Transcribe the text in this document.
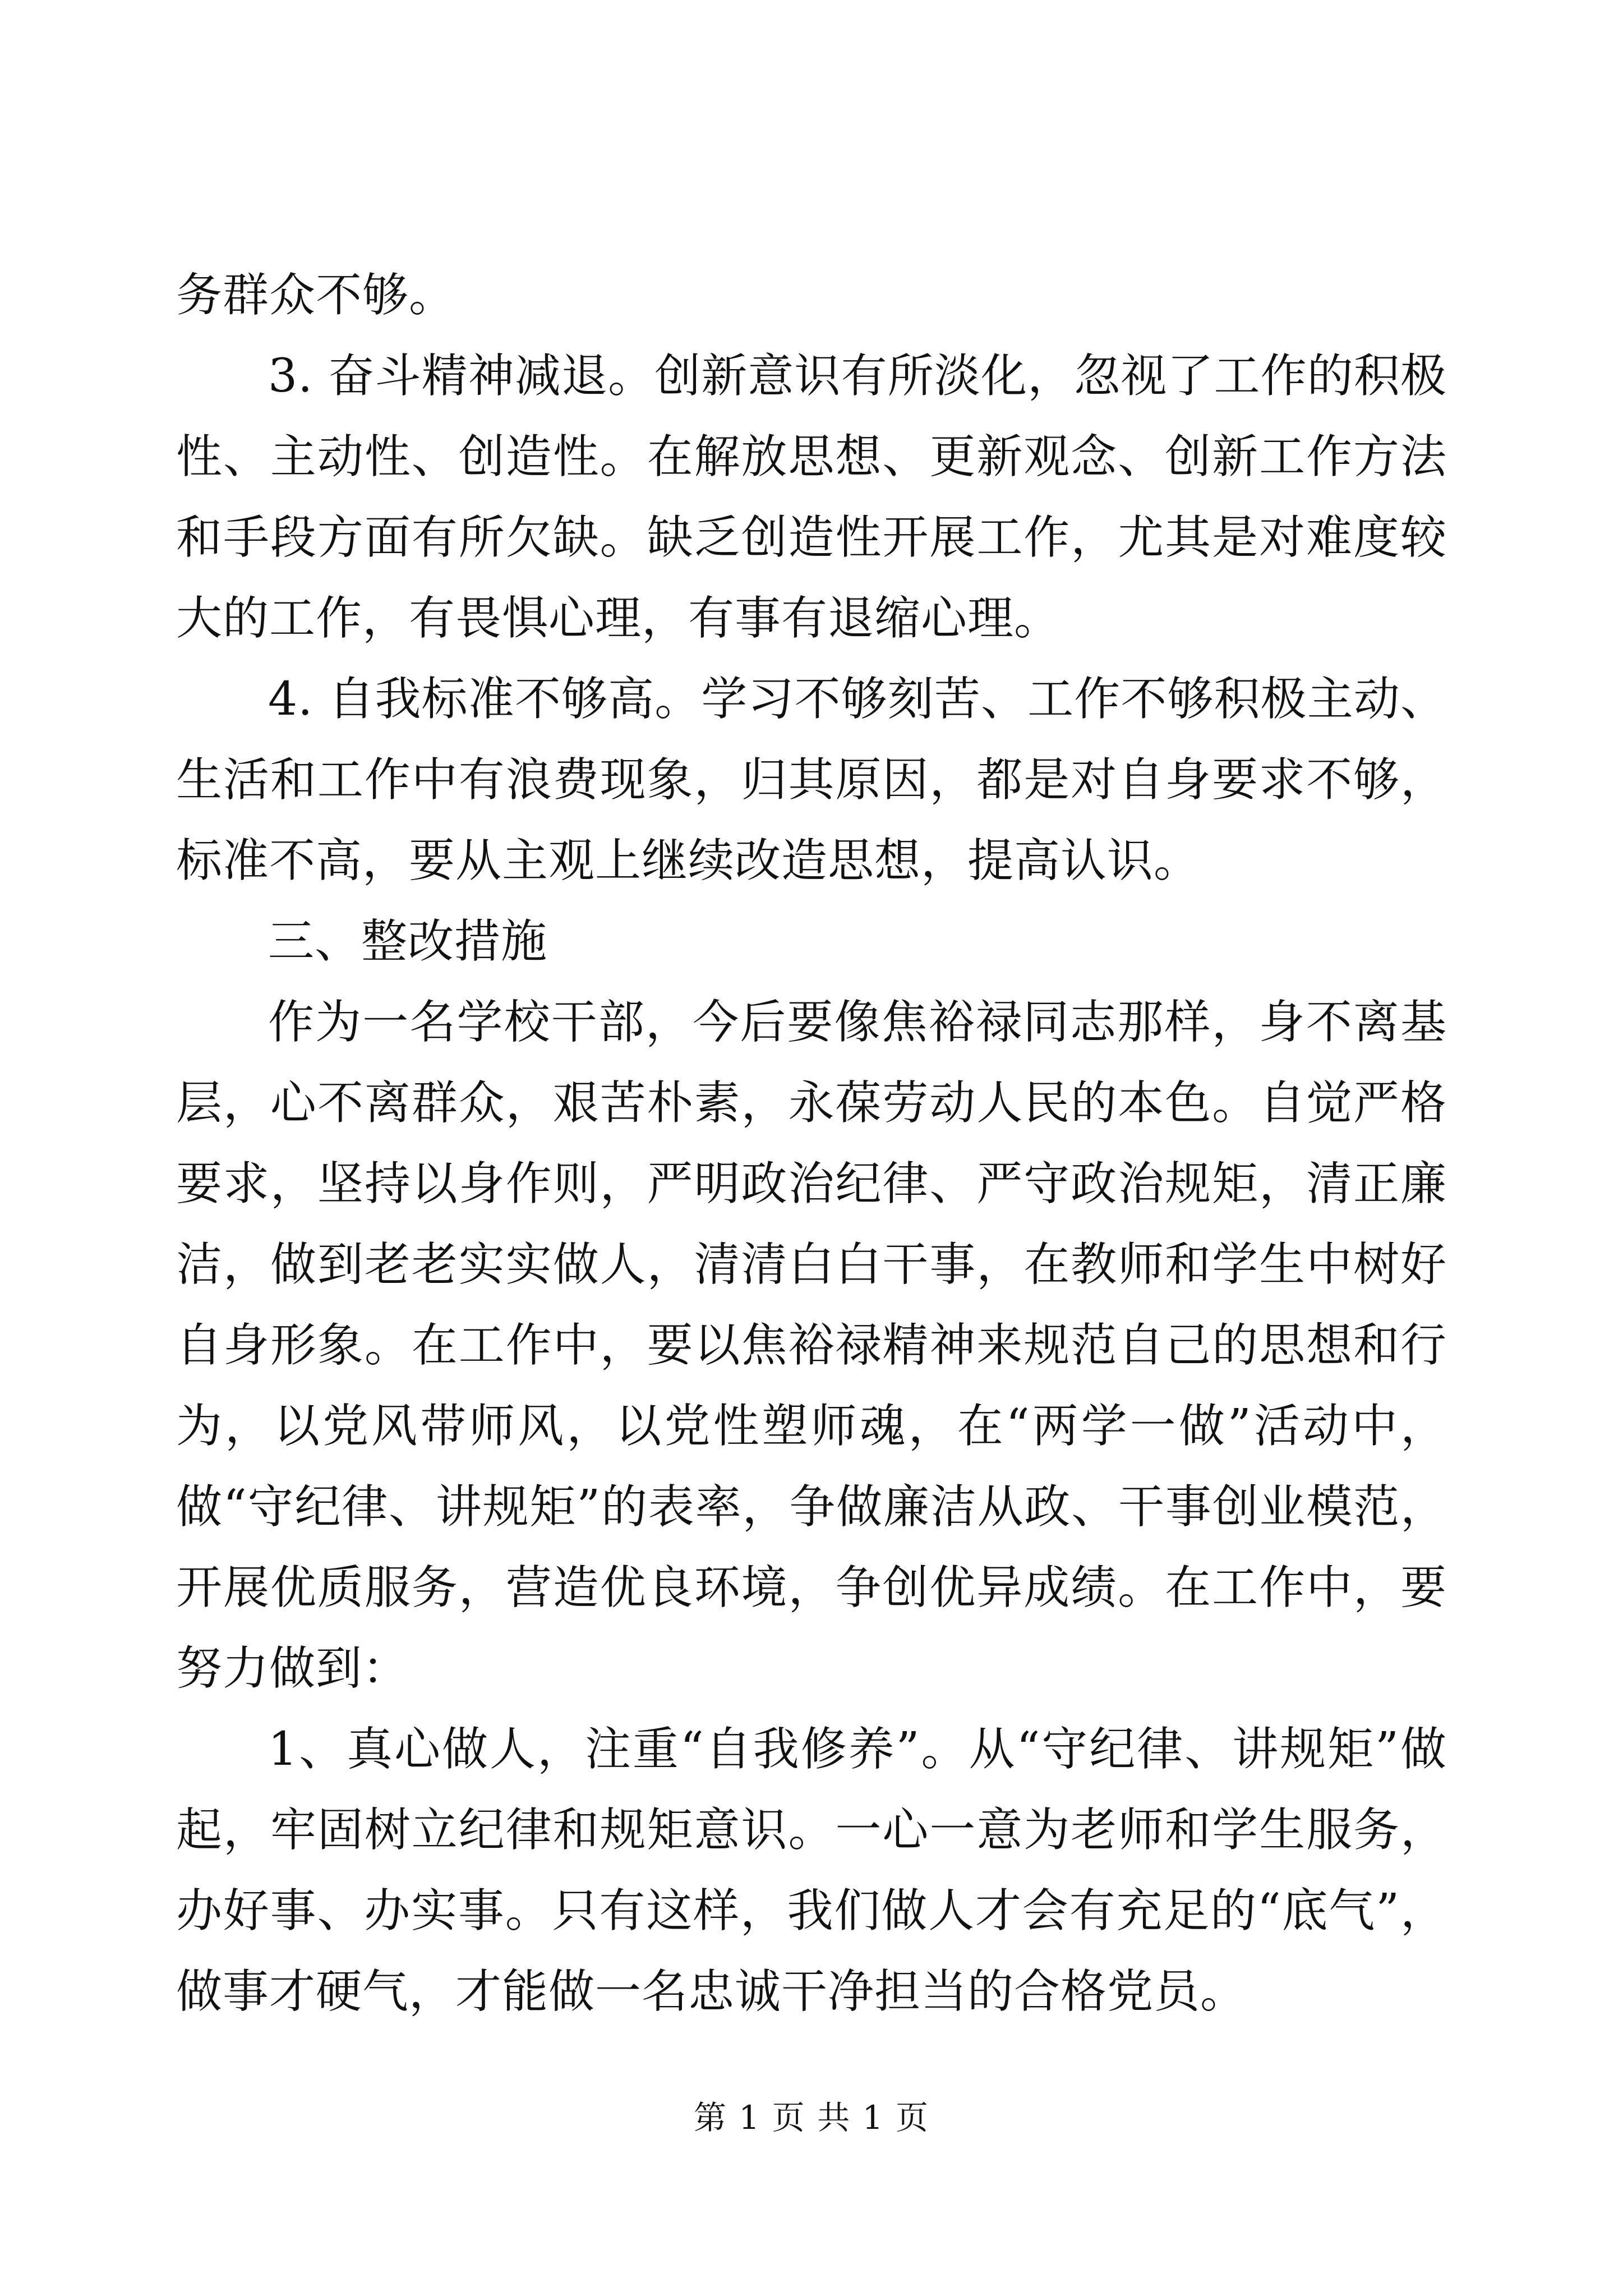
务群众不够。

3. 奋斗精神减退。创新意识有所淡化，忽视了工作的积极性、主动性、创造性。在解放思想、更新观念、创新工作方法和手段方面有所欠缺。缺乏创造性开展工作，尤其是对难度较大的工作，有畏惧心理，有事有退缩心理。

4. 自我标准不够高。学习不够刻苦、工作不够积极主动、生活和工作中有浪费现象，归其原因，都是对自身要求不够，标准不高，要从主观上继续改造思想，提高认识。

三、整改措施

作为一名学校干部，今后要像焦裕禄同志那样，身不离基层，心不离群众，艰苦朴素，永葆劳动人民的本色。自觉严格要求，坚持以身作则，严明政治纪律、严守政治规矩，清正廉洁，做到老老实实做人，清清白白干事，在教师和学生中树好自身形象。在工作中，要以焦裕禄精神来规范自己的思想和行为，以党风带师风，以党性塑师魂，在“两学一做”活动中，做“守纪律、讲规矩”的表率，争做廉洁从政、干事创业模范，开展优质服务，营造优良环境，争创优异成绩。在工作中，要努力做到：

1、真心做人，注重“自我修养”。从“守纪律、讲规矩”做起，牢固树立纪律和规矩意识。一心一意为老师和学生服务，办好事、办实事。只有这样，我们做人才会有充足的“底气”，做事才硬气，才能做一名忠诚干净担当的合格党员。

第 1 页 共 1 页
